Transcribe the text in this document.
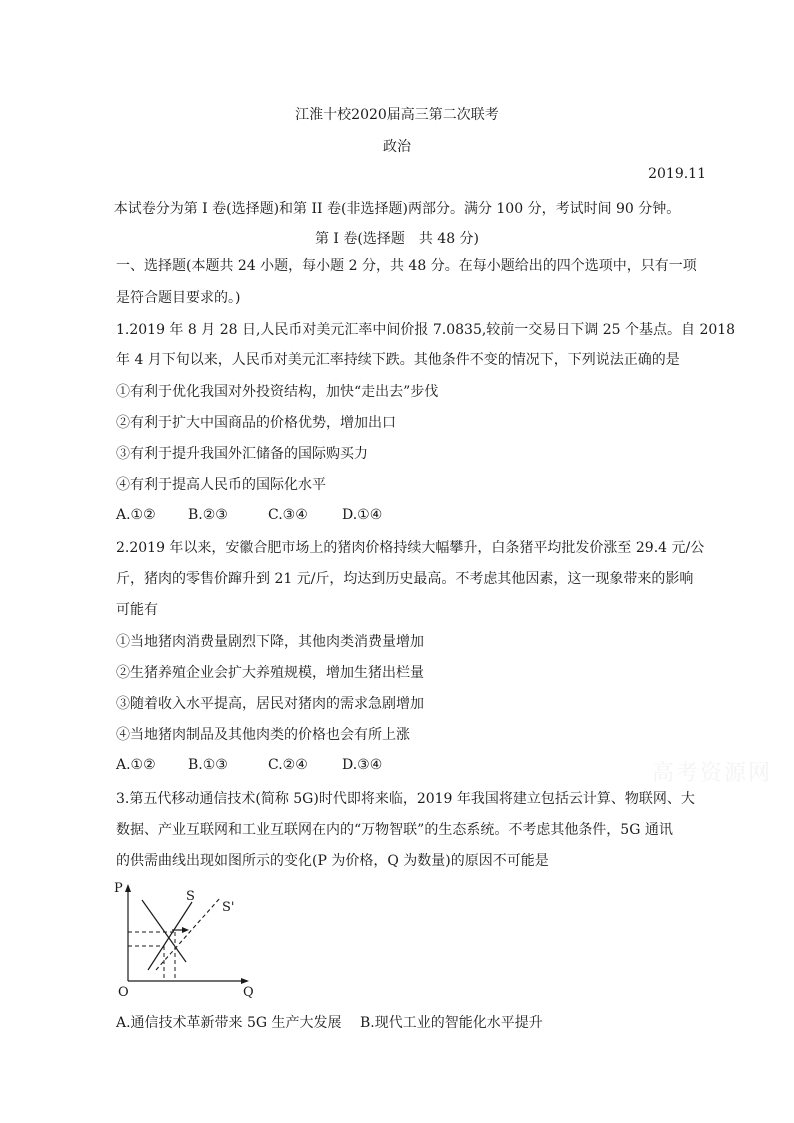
江淮十校2020届高三第二次联考
政治
2019.11
本试卷分为第 I 卷(选择题)和第 II 卷(非选择题)两部分。满分 100 分，考试时间 90 分钟。
第 I 卷(选择题　共 48 分)
一、选择题(本题共 24 小题，每小题 2 分，共 48 分。在每小题给出的四个选项中，只有一项
是符合题目要求的。)
1.2019 年 8 月 28 日,人民币对美元汇率中间价报 7.0835,较前一交易日下调 25 个基点。自 2018
年 4 月下旬以来，人民币对美元汇率持续下跌。其他条件不变的情况下，下列说法正确的是
①有利于优化我国对外投资结构，加快“走出去”步伐
②有利于扩大中国商品的价格优势，增加出口
③有利于提升我国外汇储备的国际购买力
④有利于提高人民币的国际化水平
A.①② B.②③	C.③④ D.①④
2.2019 年以来，安徽合肥市场上的猪肉价格持续大幅攀升，白条猪平均批发价涨至 29.4 元/公
斤，猪肉的零售价蹿升到 21 元/斤，均达到历史最高。不考虑其他因素，这一现象带来的影响
可能有
①当地猪肉消费量剧烈下降，其他肉类消费量增加
②生猪养殖企业会扩大养殖规模，增加生猪出栏量
③随着收入水平提高，居民对猪肉的需求急剧增加
④当地猪肉制品及其他肉类的价格也会有所上涨
A.①② B.①③	C.②④ D.③④	高考资源网
3.第五代移动通信技术(简称 5G)时代即将来临，2019 年我国将建立包括云计算、物联网、大
数据、产业互联网和工业互联网在内的“万物智联”的生态系统。不考虑其他条件，5G 通讯
的供需曲线出现如图所示的变化(P 为价格，Q 为数量)的原因不可能是
P
Q
O
S
S'
A.通信技术革新带来 5G 生产大发展 B.现代工业的智能化水平提升
